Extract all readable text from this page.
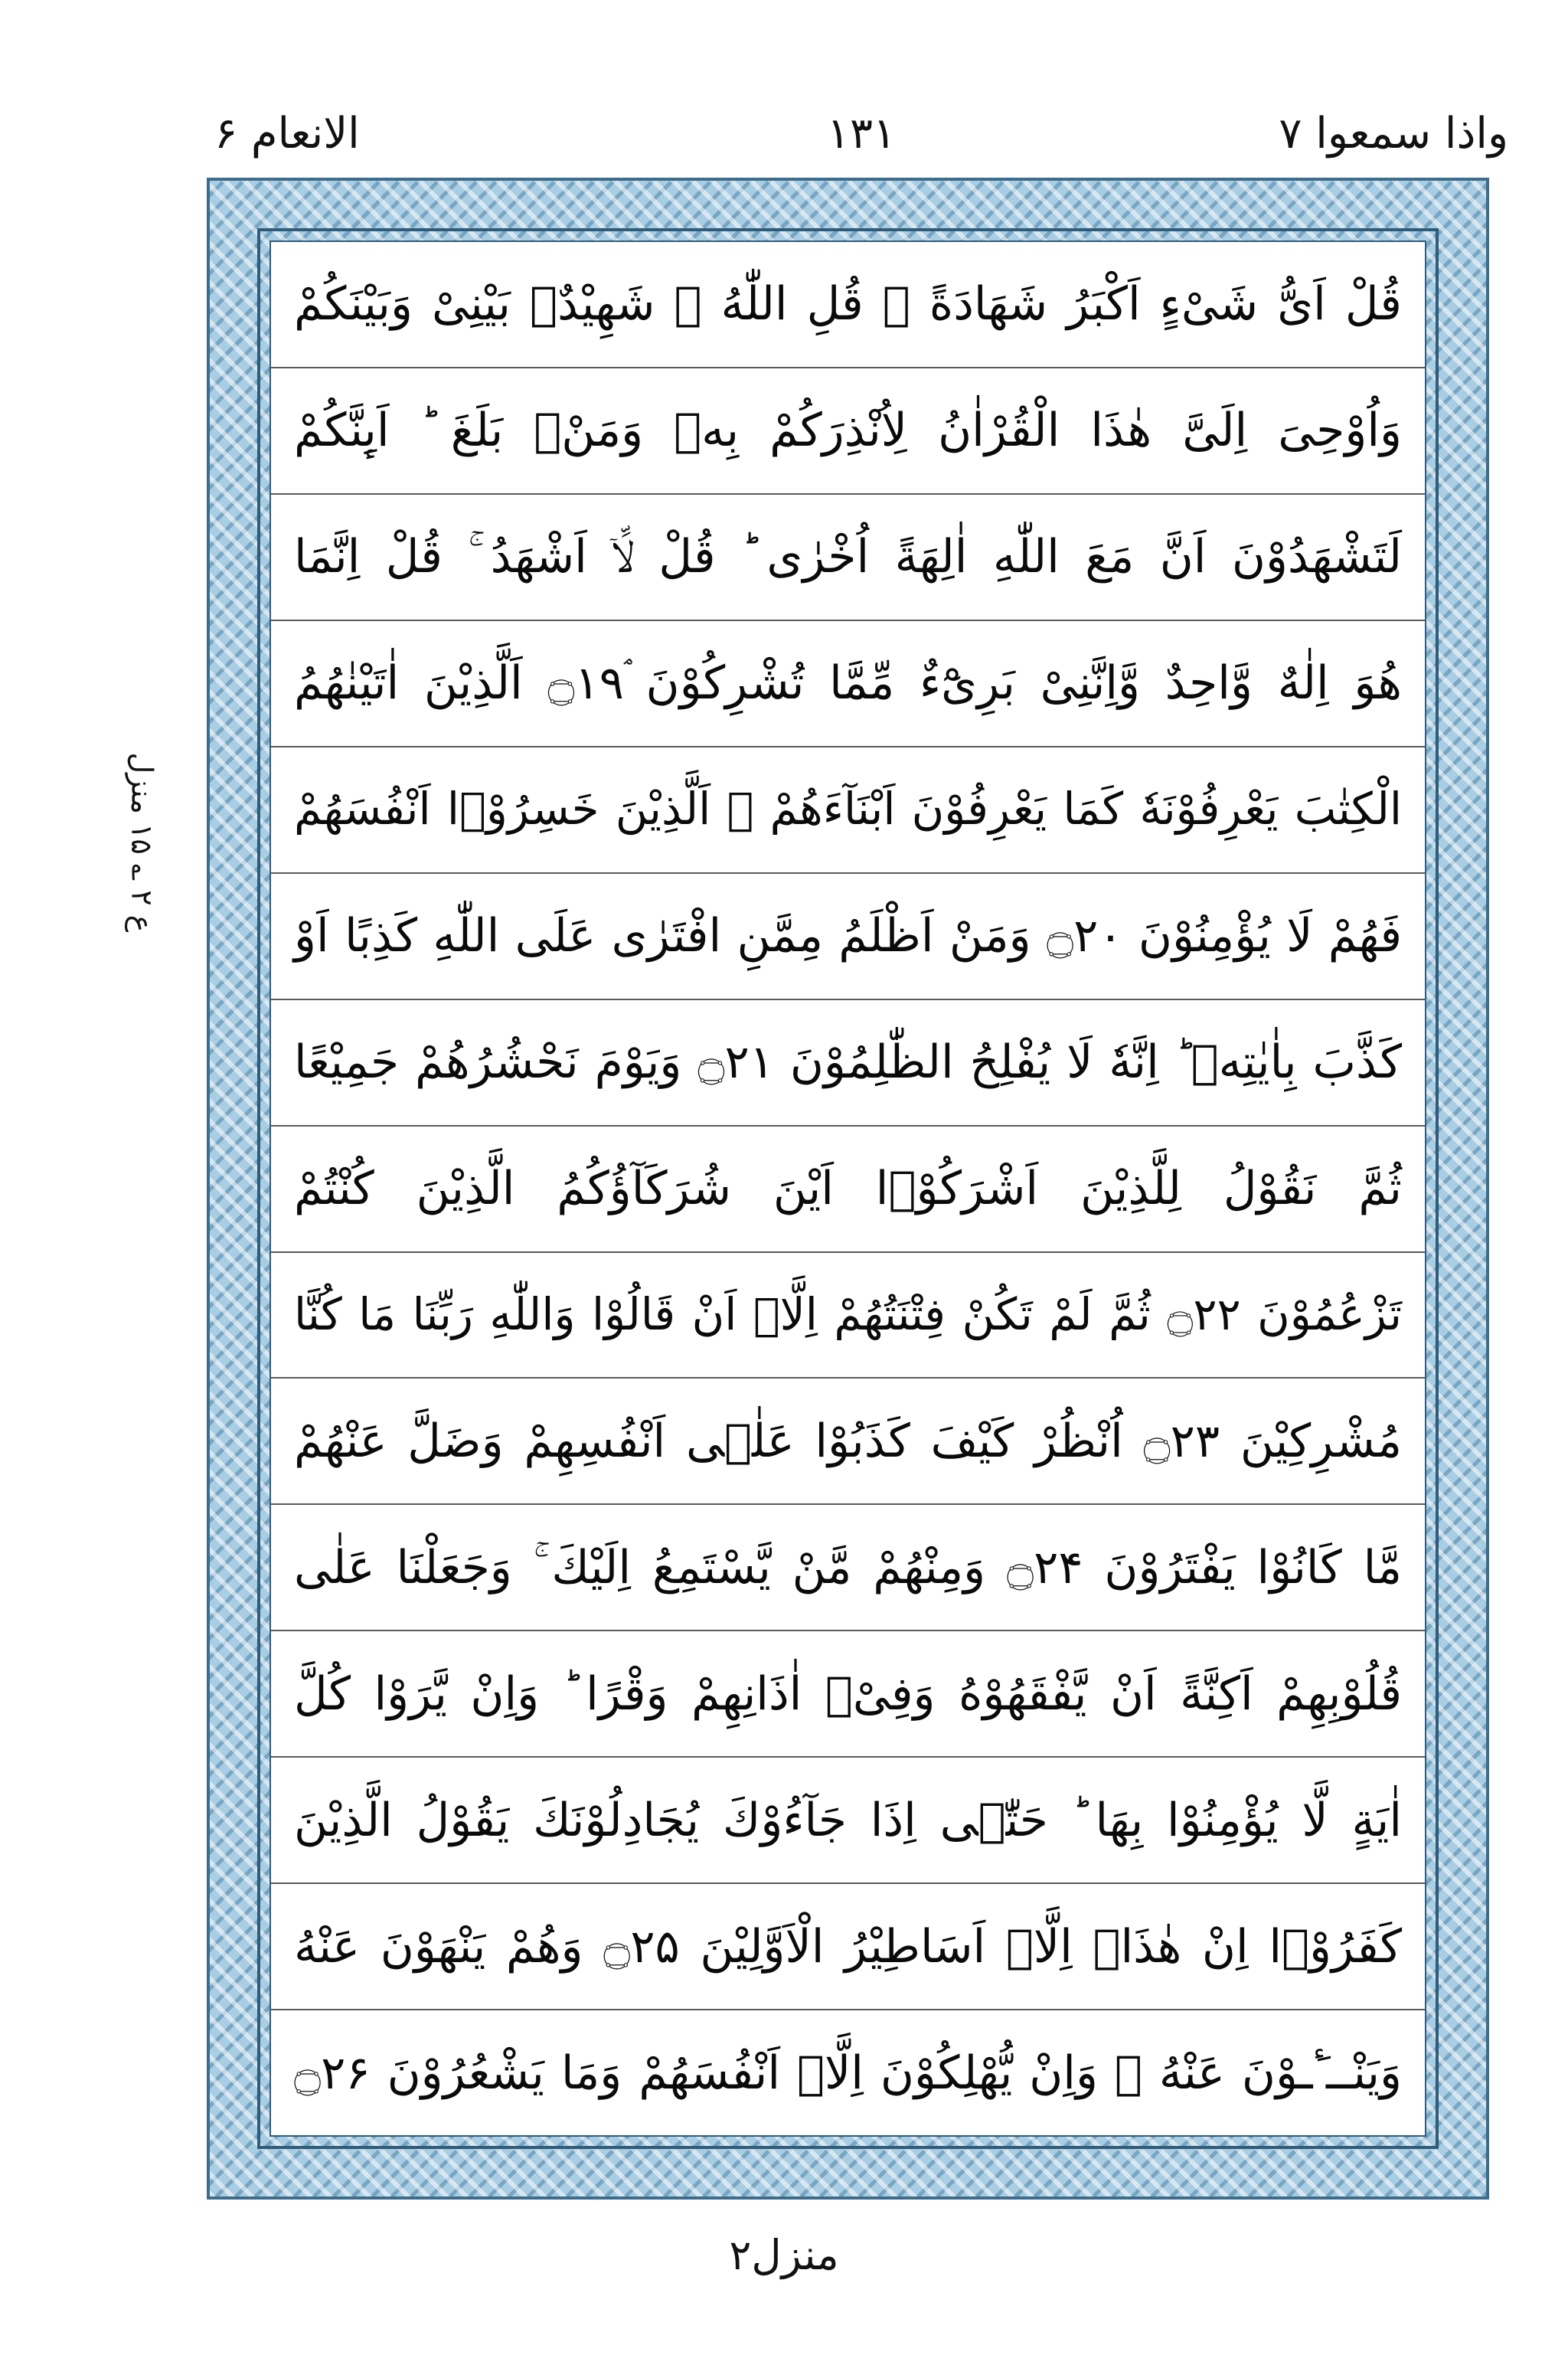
واذا سمعوا ۷
۱۳۱
الانعام ۶
ع ۲ ؎ ۱۵ منزل
قُلْ اَیُّ شَیْءٍ اَكْبَرُ شَهَادَةً ۖ قُلِ اللّٰهُ ۙ شَهِیْدٌۢ بَیْنِیْ وَبَیْنَكُمْ
وَاُوْحِیَ اِلَیَّ هٰذَا الْقُرْاٰنُ لِاُنْذِرَكُمْ بِهٖ وَمَنْۢ بَلَغَ ؕ اَىِٕنَّكُمْ
لَتَشْهَدُوْنَ اَنَّ مَعَ اللّٰهِ اٰلِهَةً اُخْرٰی ؕ قُلْ لَّاۤ اَشْهَدُ ۚ قُلْ اِنَّمَا
هُوَ اِلٰهٌ وَّاحِدٌ وَّاِنَّنِیْ بَرِیْٓءٌ مِّمَّا تُشْرِكُوْنَ ۘ۝۱۹ اَلَّذِیْنَ اٰتَیْنٰهُمُ
الْكِتٰبَ یَعْرِفُوْنَهٗ كَمَا یَعْرِفُوْنَ اَبْنَآءَهُمْ ۘ اَلَّذِیْنَ خَسِرُوْۤا اَنْفُسَهُمْ
فَهُمْ لَا یُؤْمِنُوْنَ ۝۲۰ وَمَنْ اَظْلَمُ مِمَّنِ افْتَرٰی عَلَی اللّٰهِ كَذِبًا اَوْ
كَذَّبَ بِاٰیٰتِهٖ ؕ اِنَّهٗ لَا یُفْلِحُ الظّٰلِمُوْنَ ۝۲۱ وَیَوْمَ نَحْشُرُهُمْ جَمِیْعًا
ثُمَّ نَقُوْلُ لِلَّذِیْنَ اَشْرَكُوْۤا اَیْنَ شُرَكَآؤُكُمُ الَّذِیْنَ كُنْتُمْ
تَزْعُمُوْنَ ۝۲۲ ثُمَّ لَمْ تَكُنْ فِتْنَتُهُمْ اِلَّاۤ اَنْ قَالُوْا وَاللّٰهِ رَبِّنَا مَا كُنَّا
مُشْرِكِیْنَ ۝۲۳ اُنْظُرْ كَیْفَ كَذَبُوْا عَلٰۤی اَنْفُسِهِمْ وَضَلَّ عَنْهُمْ
مَّا كَانُوْا یَفْتَرُوْنَ ۝۲۴ وَمِنْهُمْ مَّنْ یَّسْتَمِعُ اِلَیْكَ ۚ وَجَعَلْنَا عَلٰی
قُلُوْبِهِمْ اَكِنَّةً اَنْ یَّفْقَهُوْهُ وَفِیْۤ اٰذَانِهِمْ وَقْرًا ؕ وَاِنْ یَّرَوْا كُلَّ
اٰیَةٍ لَّا یُؤْمِنُوْا بِهَا ؕ حَتّٰۤی اِذَا جَآءُوْكَ یُجَادِلُوْنَكَ یَقُوْلُ الَّذِیْنَ
كَفَرُوْۤا اِنْ هٰذَاۤ اِلَّاۤ اَسَاطِیْرُ الْاَوَّلِیْنَ ۝۲۵ وَهُمْ یَنْهَوْنَ عَنْهُ
وَیَنْــٴَـوْنَ عَنْهُ ۚ وَاِنْ یُّهْلِكُوْنَ اِلَّاۤ اَنْفُسَهُمْ وَمَا یَشْعُرُوْنَ ۝۲۶
منزل۲
